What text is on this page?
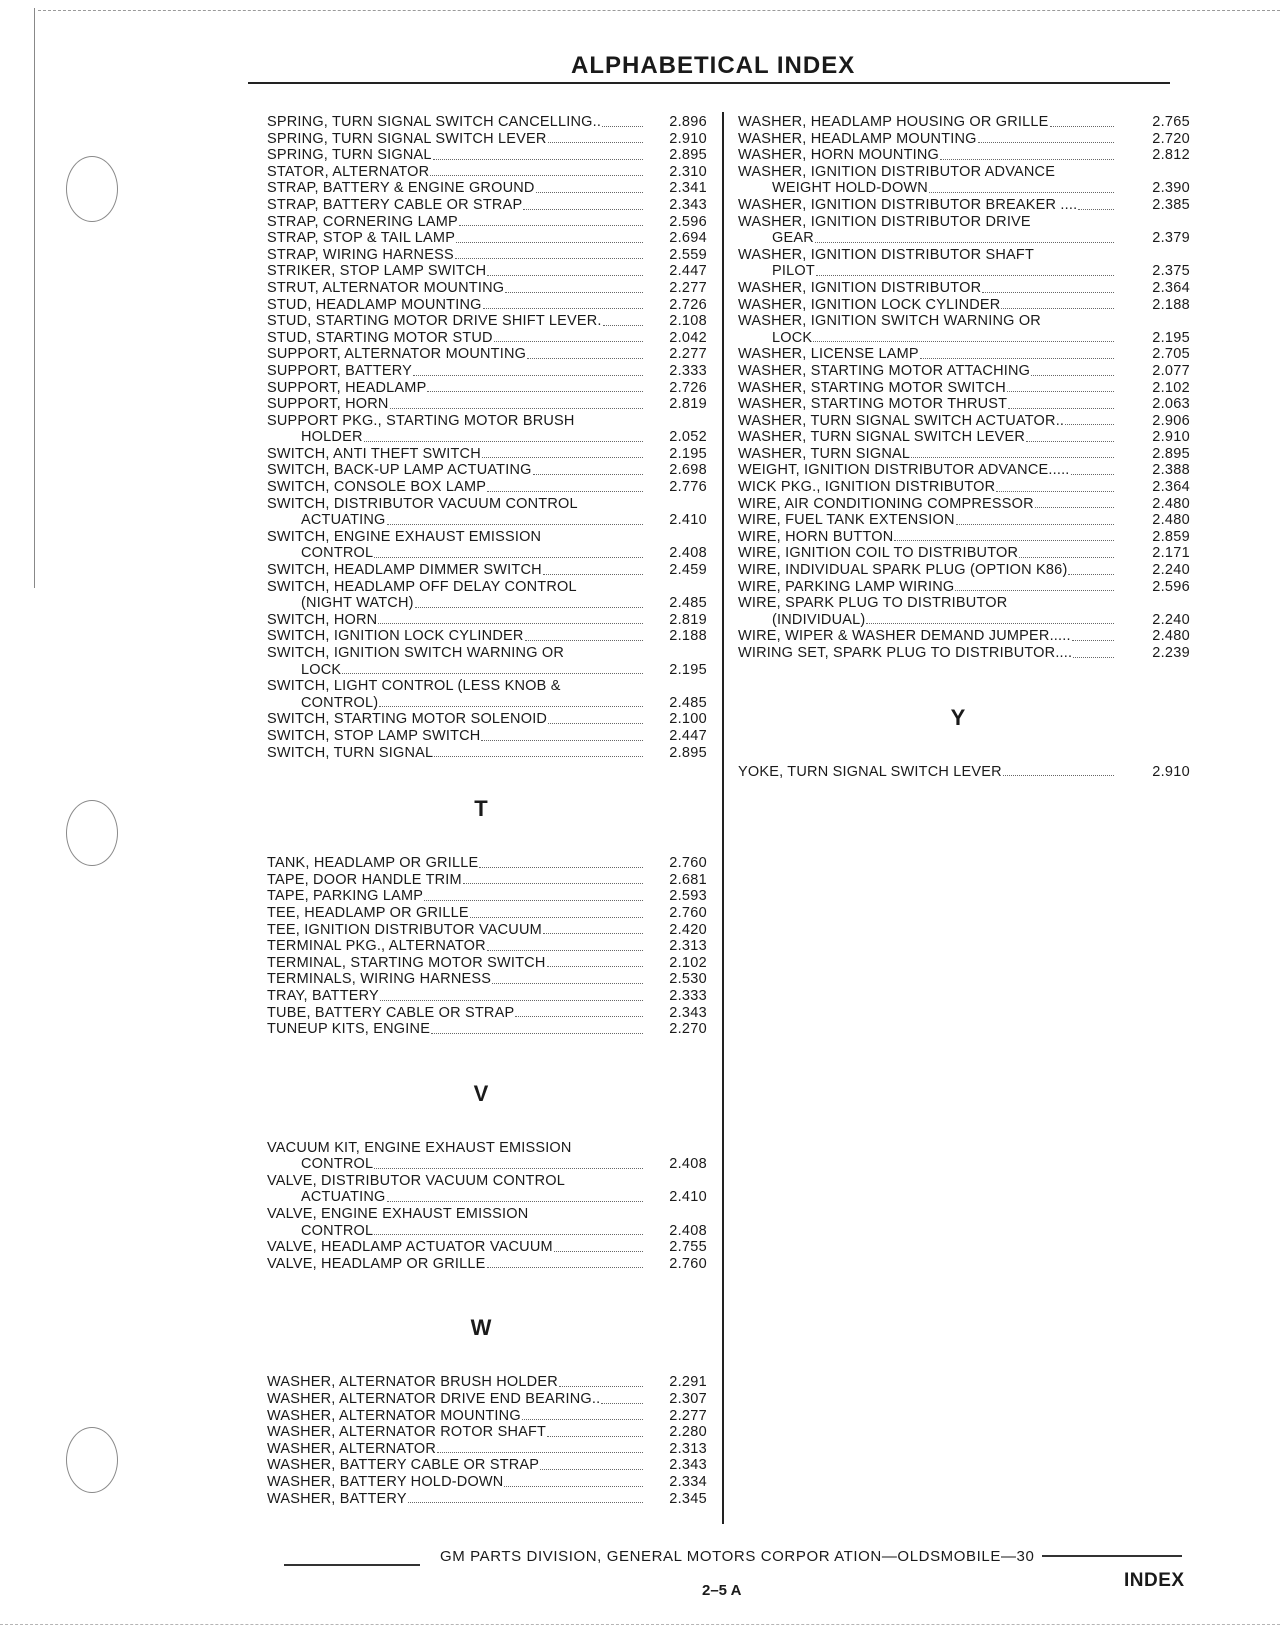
ALPHABETICAL INDEX
SPRING, TURN SIGNAL SWITCH CANCELLING..	2.896
SPRING, TURN SIGNAL SWITCH LEVER	2.910
SPRING, TURN SIGNAL	2.895
STATOR, ALTERNATOR	2.310
STRAP, BATTERY & ENGINE GROUND	2.341
STRAP, BATTERY CABLE OR STRAP	2.343
STRAP, CORNERING LAMP	2.596
STRAP, STOP & TAIL LAMP	2.694
STRAP, WIRING HARNESS	2.559
STRIKER, STOP LAMP SWITCH	2.447
STRUT, ALTERNATOR MOUNTING	2.277
STUD, HEADLAMP MOUNTING	2.726
STUD, STARTING MOTOR DRIVE SHIFT LEVER.	2.108
STUD, STARTING MOTOR STUD	2.042
SUPPORT, ALTERNATOR MOUNTING	2.277
SUPPORT, BATTERY	2.333
SUPPORT, HEADLAMP	2.726
SUPPORT, HORN	2.819
SUPPORT PKG., STARTING MOTOR BRUSH
HOLDER	2.052
SWITCH, ANTI THEFT SWITCH	2.195
SWITCH, BACK-UP LAMP ACTUATING	2.698
SWITCH, CONSOLE BOX LAMP	2.776
SWITCH, DISTRIBUTOR VACUUM CONTROL
ACTUATING	2.410
SWITCH, ENGINE EXHAUST EMISSION
CONTROL	2.408
SWITCH, HEADLAMP DIMMER SWITCH	2.459
SWITCH, HEADLAMP OFF DELAY CONTROL
(NIGHT WATCH)	2.485
SWITCH, HORN	2.819
SWITCH, IGNITION LOCK CYLINDER	2.188
SWITCH, IGNITION SWITCH WARNING OR
LOCK	2.195
SWITCH, LIGHT CONTROL (LESS KNOB &
CONTROL)	2.485
SWITCH, STARTING MOTOR SOLENOID	2.100
SWITCH, STOP LAMP SWITCH	2.447
SWITCH, TURN SIGNAL	2.895
T
TANK, HEADLAMP OR GRILLE	2.760
TAPE, DOOR HANDLE TRIM	2.681
TAPE, PARKING LAMP	2.593
TEE, HEADLAMP OR GRILLE	2.760
TEE, IGNITION DISTRIBUTOR VACUUM	2.420
TERMINAL PKG., ALTERNATOR	2.313
TERMINAL, STARTING MOTOR SWITCH	2.102
TERMINALS, WIRING HARNESS	2.530
TRAY, BATTERY	2.333
TUBE, BATTERY CABLE OR STRAP	2.343
TUNEUP KITS, ENGINE	2.270
V
VACUUM KIT, ENGINE EXHAUST EMISSION
CONTROL	2.408
VALVE, DISTRIBUTOR VACUUM CONTROL
ACTUATING	2.410
VALVE, ENGINE EXHAUST EMISSION
CONTROL	2.408
VALVE, HEADLAMP ACTUATOR VACUUM	2.755
VALVE, HEADLAMP OR GRILLE	2.760
W
WASHER, ALTERNATOR BRUSH HOLDER	2.291
WASHER, ALTERNATOR DRIVE END BEARING..	2.307
WASHER, ALTERNATOR MOUNTING	2.277
WASHER, ALTERNATOR ROTOR SHAFT	2.280
WASHER, ALTERNATOR	2.313
WASHER, BATTERY CABLE OR STRAP	2.343
WASHER, BATTERY HOLD-DOWN	2.334
WASHER, BATTERY	2.345
WASHER, HEADLAMP HOUSING OR GRILLE	2.765
WASHER, HEADLAMP MOUNTING	2.720
WASHER, HORN MOUNTING	2.812
WASHER, IGNITION DISTRIBUTOR ADVANCE
WEIGHT HOLD-DOWN	2.390
WASHER, IGNITION DISTRIBUTOR BREAKER ....	2.385
WASHER, IGNITION DISTRIBUTOR DRIVE
GEAR	2.379
WASHER, IGNITION DISTRIBUTOR SHAFT
PILOT	2.375
WASHER, IGNITION DISTRIBUTOR	2.364
WASHER, IGNITION LOCK CYLINDER	2.188
WASHER, IGNITION SWITCH WARNING OR
LOCK	2.195
WASHER, LICENSE LAMP	2.705
WASHER, STARTING MOTOR ATTACHING	2.077
WASHER, STARTING MOTOR SWITCH	2.102
WASHER, STARTING MOTOR THRUST	2.063
WASHER, TURN SIGNAL SWITCH ACTUATOR..	2.906
WASHER, TURN SIGNAL SWITCH LEVER	2.910
WASHER, TURN SIGNAL	2.895
WEIGHT, IGNITION DISTRIBUTOR ADVANCE.....	2.388
WICK PKG., IGNITION DISTRIBUTOR	2.364
WIRE, AIR CONDITIONING COMPRESSOR	2.480
WIRE, FUEL TANK EXTENSION	2.480
WIRE, HORN BUTTON	2.859
WIRE, IGNITION COIL TO DISTRIBUTOR	2.171
WIRE, INDIVIDUAL SPARK PLUG (OPTION K86)	2.240
WIRE, PARKING LAMP WIRING	2.596
WIRE, SPARK PLUG TO DISTRIBUTOR
(INDIVIDUAL)	2.240
WIRE, WIPER & WASHER DEMAND JUMPER.....	2.480
WIRING SET, SPARK PLUG TO DISTRIBUTOR....	2.239
Y
YOKE, TURN SIGNAL SWITCH LEVER	2.910
GM PARTS DIVISION, GENERAL MOTORS CORPOR ATION—OLDSMOBILE—30
2–5 A	INDEX
